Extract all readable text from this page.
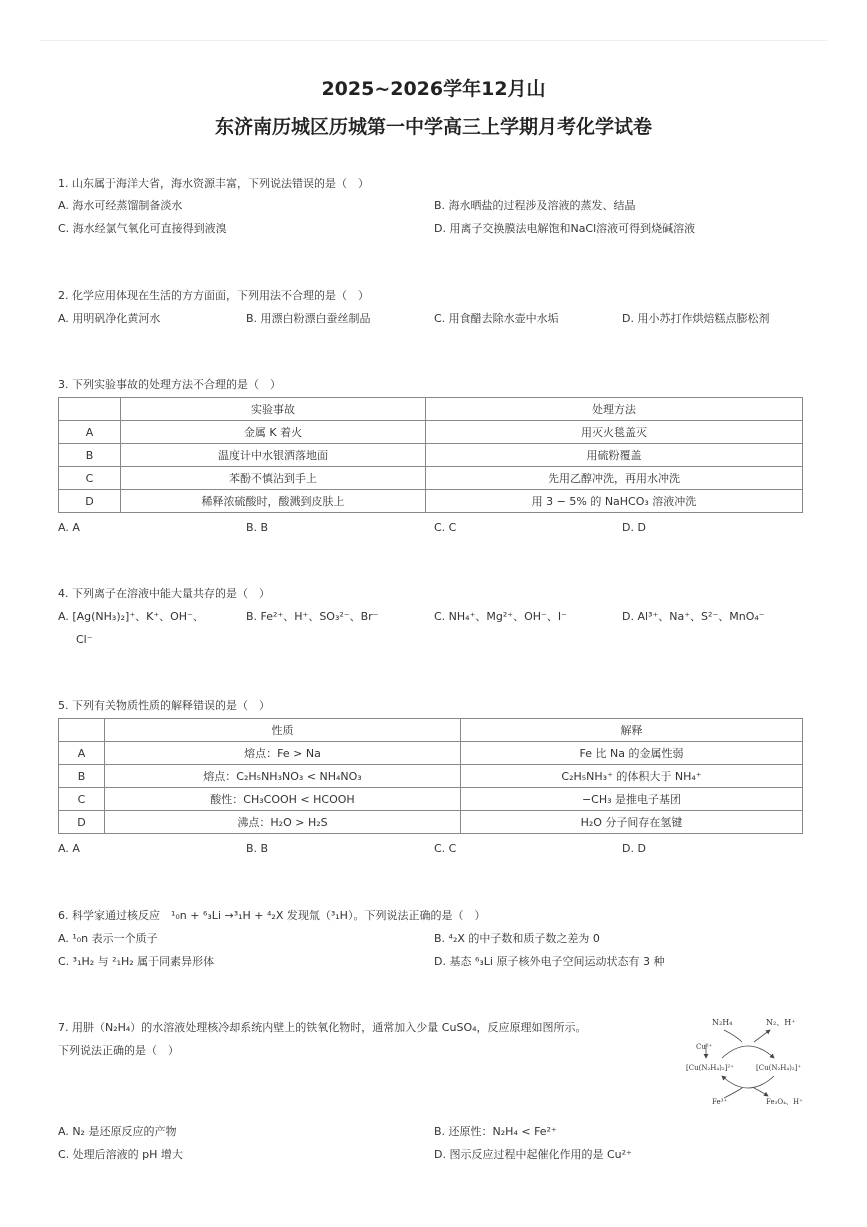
2025~2026学年12月山
东济南历城区历城第一中学高三上学期月考化学试卷
1. 山东属于海洋大省，海水资源丰富，下列说法错误的是（　）
A. 海水可经蒸馏制备淡水	B. 海水晒盐的过程涉及溶液的蒸发、结晶
C. 海水经氯气氧化可直接得到液溴	D. 用离子交换膜法电解饱和NaCl溶液可得到烧碱溶液
2. 化学应用体现在生活的方方面面，下列用法不合理的是（　）
A. 用明矾净化黄河水	B. 用漂白粉漂白蚕丝制品	C. 用食醋去除水壶中水垢	D. 用小苏打作烘焙糕点膨松剂
3. 下列实验事故的处理方法不合理的是（　）
	实验事故	处理方法
A	金属 K 着火	用灭火毯盖灭
B	温度计中水银洒落地面	用硫粉覆盖
C	苯酚不慎沾到手上	先用乙醇冲洗，再用水冲洗
D	稀释浓硫酸时，酸溅到皮肤上	用 3 − 5% 的 NaHCO₃ 溶液冲洗
A. A	B. B	C. C	D. D
4. 下列离子在溶液中能大量共存的是（　）
A. [Ag(NH₃)₂]⁺、K⁺、OH⁻、
Cl⁻
B. Fe²⁺、H⁺、SO₃²⁻、Br⁻	C. NH₄⁺、Mg²⁺、OH⁻、I⁻	D. Al³⁺、Na⁺、S²⁻、MnO₄⁻
5. 下列有关物质性质的解释错误的是（　）
	性质	解释
A	熔点：Fe > Na	Fe 比 Na 的金属性弱
B	熔点：C₂H₅NH₃NO₃ < NH₄NO₃	C₂H₅NH₃⁺ 的体积大于 NH₄⁺
C	酸性：CH₃COOH < HCOOH	−CH₃ 是推电子基团
D	沸点：H₂O > H₂S	H₂O 分子间存在氢键
A. A	B. B	C. C	D. D
6. 科学家通过核反应　¹₀n + ⁶₃Li →³₁H + ⁴₂X 发现氚（³₁H）。下列说法正确的是（　）
A. ¹₀n 表示一个质子	B. ⁴₂X 的中子数和质子数之差为 0
C. ³₁H₂ 与 ²₁H₂ 属于同素异形体	D. 基态 ⁶₃Li 原子核外电子空间运动状态有 3 种
7. 用肼（N₂H₄）的水溶液处理核冷却系统内壁上的铁氧化物时，通常加入少量 CuSO₄，反应原理如图所示。
下列说法正确的是（　）
A. N₂ 是还原反应的产物	B. 还原性：N₂H₄ < Fe²⁺
C. 处理后溶液的 pH 增大	D. 图示反应过程中起催化作用的是 Cu²⁺
N₂H₄	N₂、H⁺
Cu²⁺
[Cu(N₂H₄)₂]²⁺	[Cu(N₂H₄)₂]⁺
Fe³⁺	Fe₃O₄、H⁺
